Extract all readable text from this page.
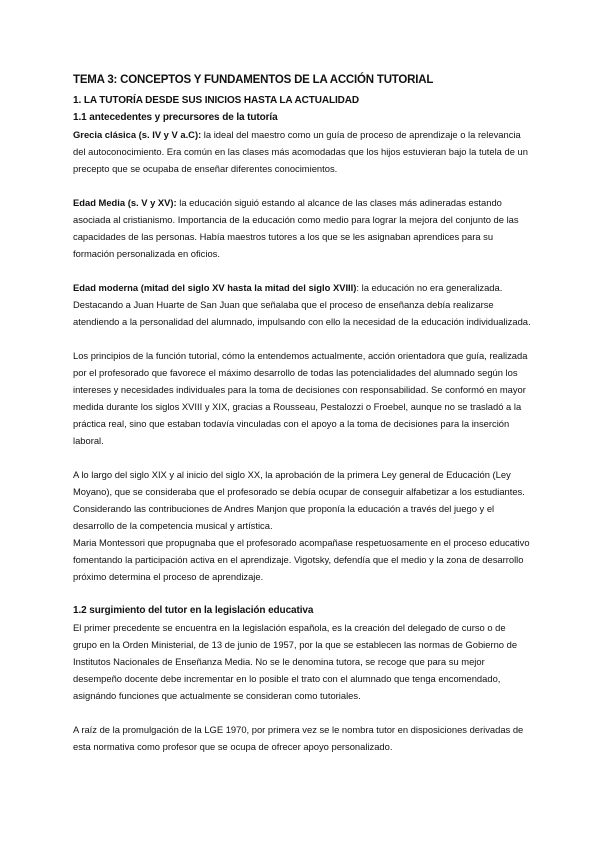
TEMA 3: CONCEPTOS Y FUNDAMENTOS DE LA ACCIÓN TUTORIAL
1. LA TUTORÍA DESDE SUS INICIOS HASTA LA ACTUALIDAD
1.1 antecedentes y precursores de la tutoría

Grecia clásica (s. IV y V a.C): la ideal del maestro como un guía de proceso de aprendizaje o la relevancia del autoconocimiento. Era común en las clases más acomodadas que los hijos estuvieran bajo la tutela de un precepto que se ocupaba de enseñar diferentes conocimientos.

Edad Media (s. V y XV): la educación siguió estando al alcance de las clases más adineradas estando asociada al cristianismo. Importancia de la educación como medio para lograr la mejora del conjunto de las capacidades de las personas. Había maestros tutores a los que se les asignaban aprendices para su formación personalizada en oficios.

Edad moderna (mitad del siglo XV hasta la mitad del siglo XVIII): la educación no era generalizada. Destacando a Juan Huarte de San Juan que señalaba que el proceso de enseñanza debía realizarse atendiendo a la personalidad del alumnado, impulsando con ello la necesidad de la educación individualizada.

Los principios de la función tutorial, cómo la entendemos actualmente, acción orientadora que guía, realizada por el profesorado que favorece el máximo desarrollo de todas las potencialidades del alumnado según los intereses y necesidades individuales para la toma de decisiones con responsabilidad. Se conformó en mayor medida durante los siglos XVIII y XIX, gracias a Rousseau, Pestalozzi o Froebel, aunque no se trasladó a la práctica real, sino que estaban todavía vinculadas con el apoyo a la toma de decisiones para la inserción laboral.

A lo largo del siglo XIX y al inicio del siglo XX, la aprobación de la primera Ley general de Educación (Ley Moyano), que se consideraba que el profesorado se debía ocupar de conseguir alfabetizar a los estudiantes. Considerando las contribuciones de Andres Manjon que proponía la educación a través del juego y el desarrollo de la competencia musical y artística.

Maria Montessori que propugnaba que el profesorado acompañase respetuosamente en el proceso educativo fomentando la participación activa en el aprendizaje. Vigotsky, defendía que el medio y la zona de desarrollo próximo determina el proceso de aprendizaje.

1.2 surgimiento del tutor en la legislación educativa

El primer precedente se encuentra en la legislación española, es la creación del delegado de curso o de grupo en la Orden Ministerial, de 13 de junio de 1957, por la que se establecen las normas de Gobierno de Institutos Nacionales de Enseñanza Media. No se le denomina tutora, se recoge que para su mejor desempeño docente debe incrementar en lo posible el trato con el alumnado que tenga encomendado, asignándo funciones que actualmente se consideran como tutoriales.

A raíz de la promulgación de la LGE 1970, por primera vez se le nombra tutor en disposiciones derivadas de esta normativa como profesor que se ocupa de ofrecer apoyo personalizado.
